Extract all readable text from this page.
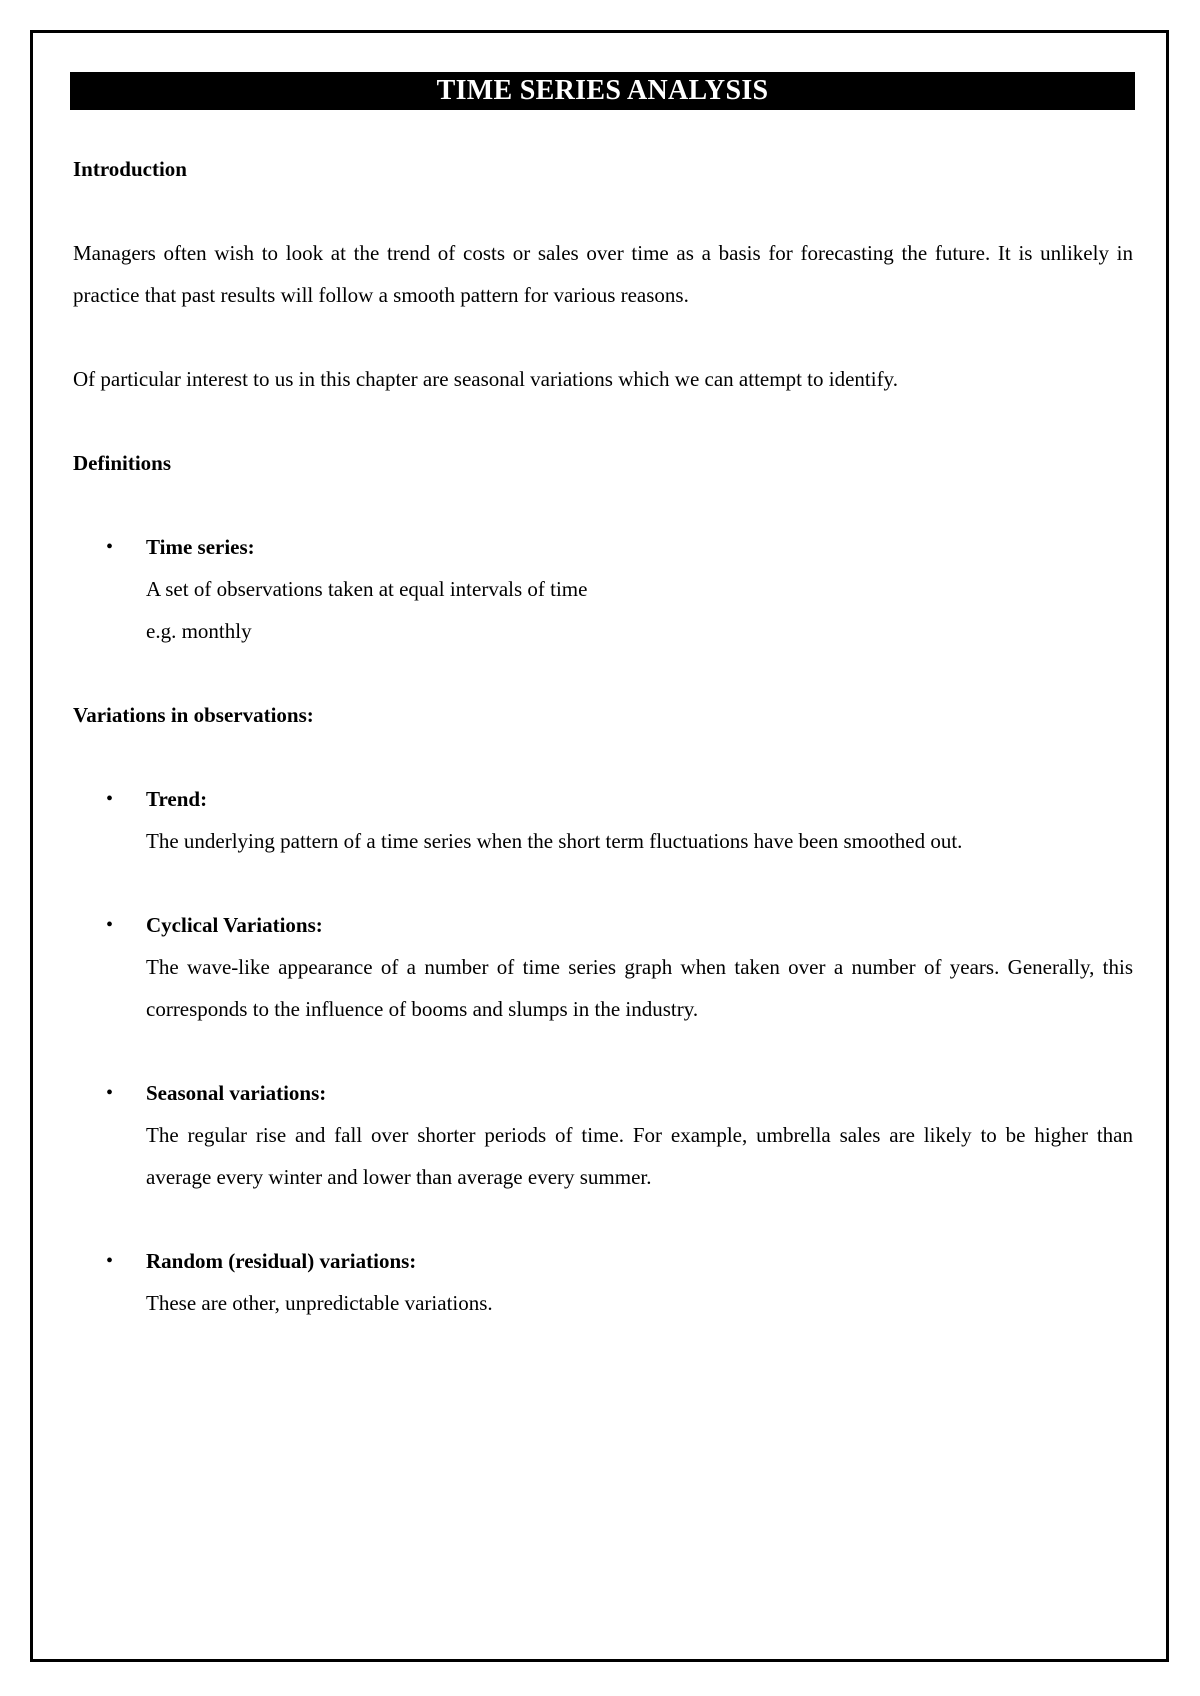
TIME SERIES ANALYSIS

Introduction

Managers often wish to look at the trend of costs or sales over time as a basis for forecasting the future. It is unlikely in practice that past results will follow a smooth pattern for various reasons.

Of particular interest to us in this chapter are seasonal variations which we can attempt to identify.

Definitions

•	Time series:

A set of observations taken at equal intervals of time

e.g. monthly

Variations in observations:

•	Trend:

The underlying pattern of a time series when the short term fluctuations have been smoothed out.

•	Cyclical Variations:

The wave-like appearance of a number of time series graph when taken over a number of years. Generally, this corresponds to the influence of booms and slumps in the industry.

•	Seasonal variations:

The regular rise and fall over shorter periods of time. For example, umbrella sales are likely to be higher than average every winter and lower than average every summer.

•	Random (residual) variations:

These are other, unpredictable variations.
